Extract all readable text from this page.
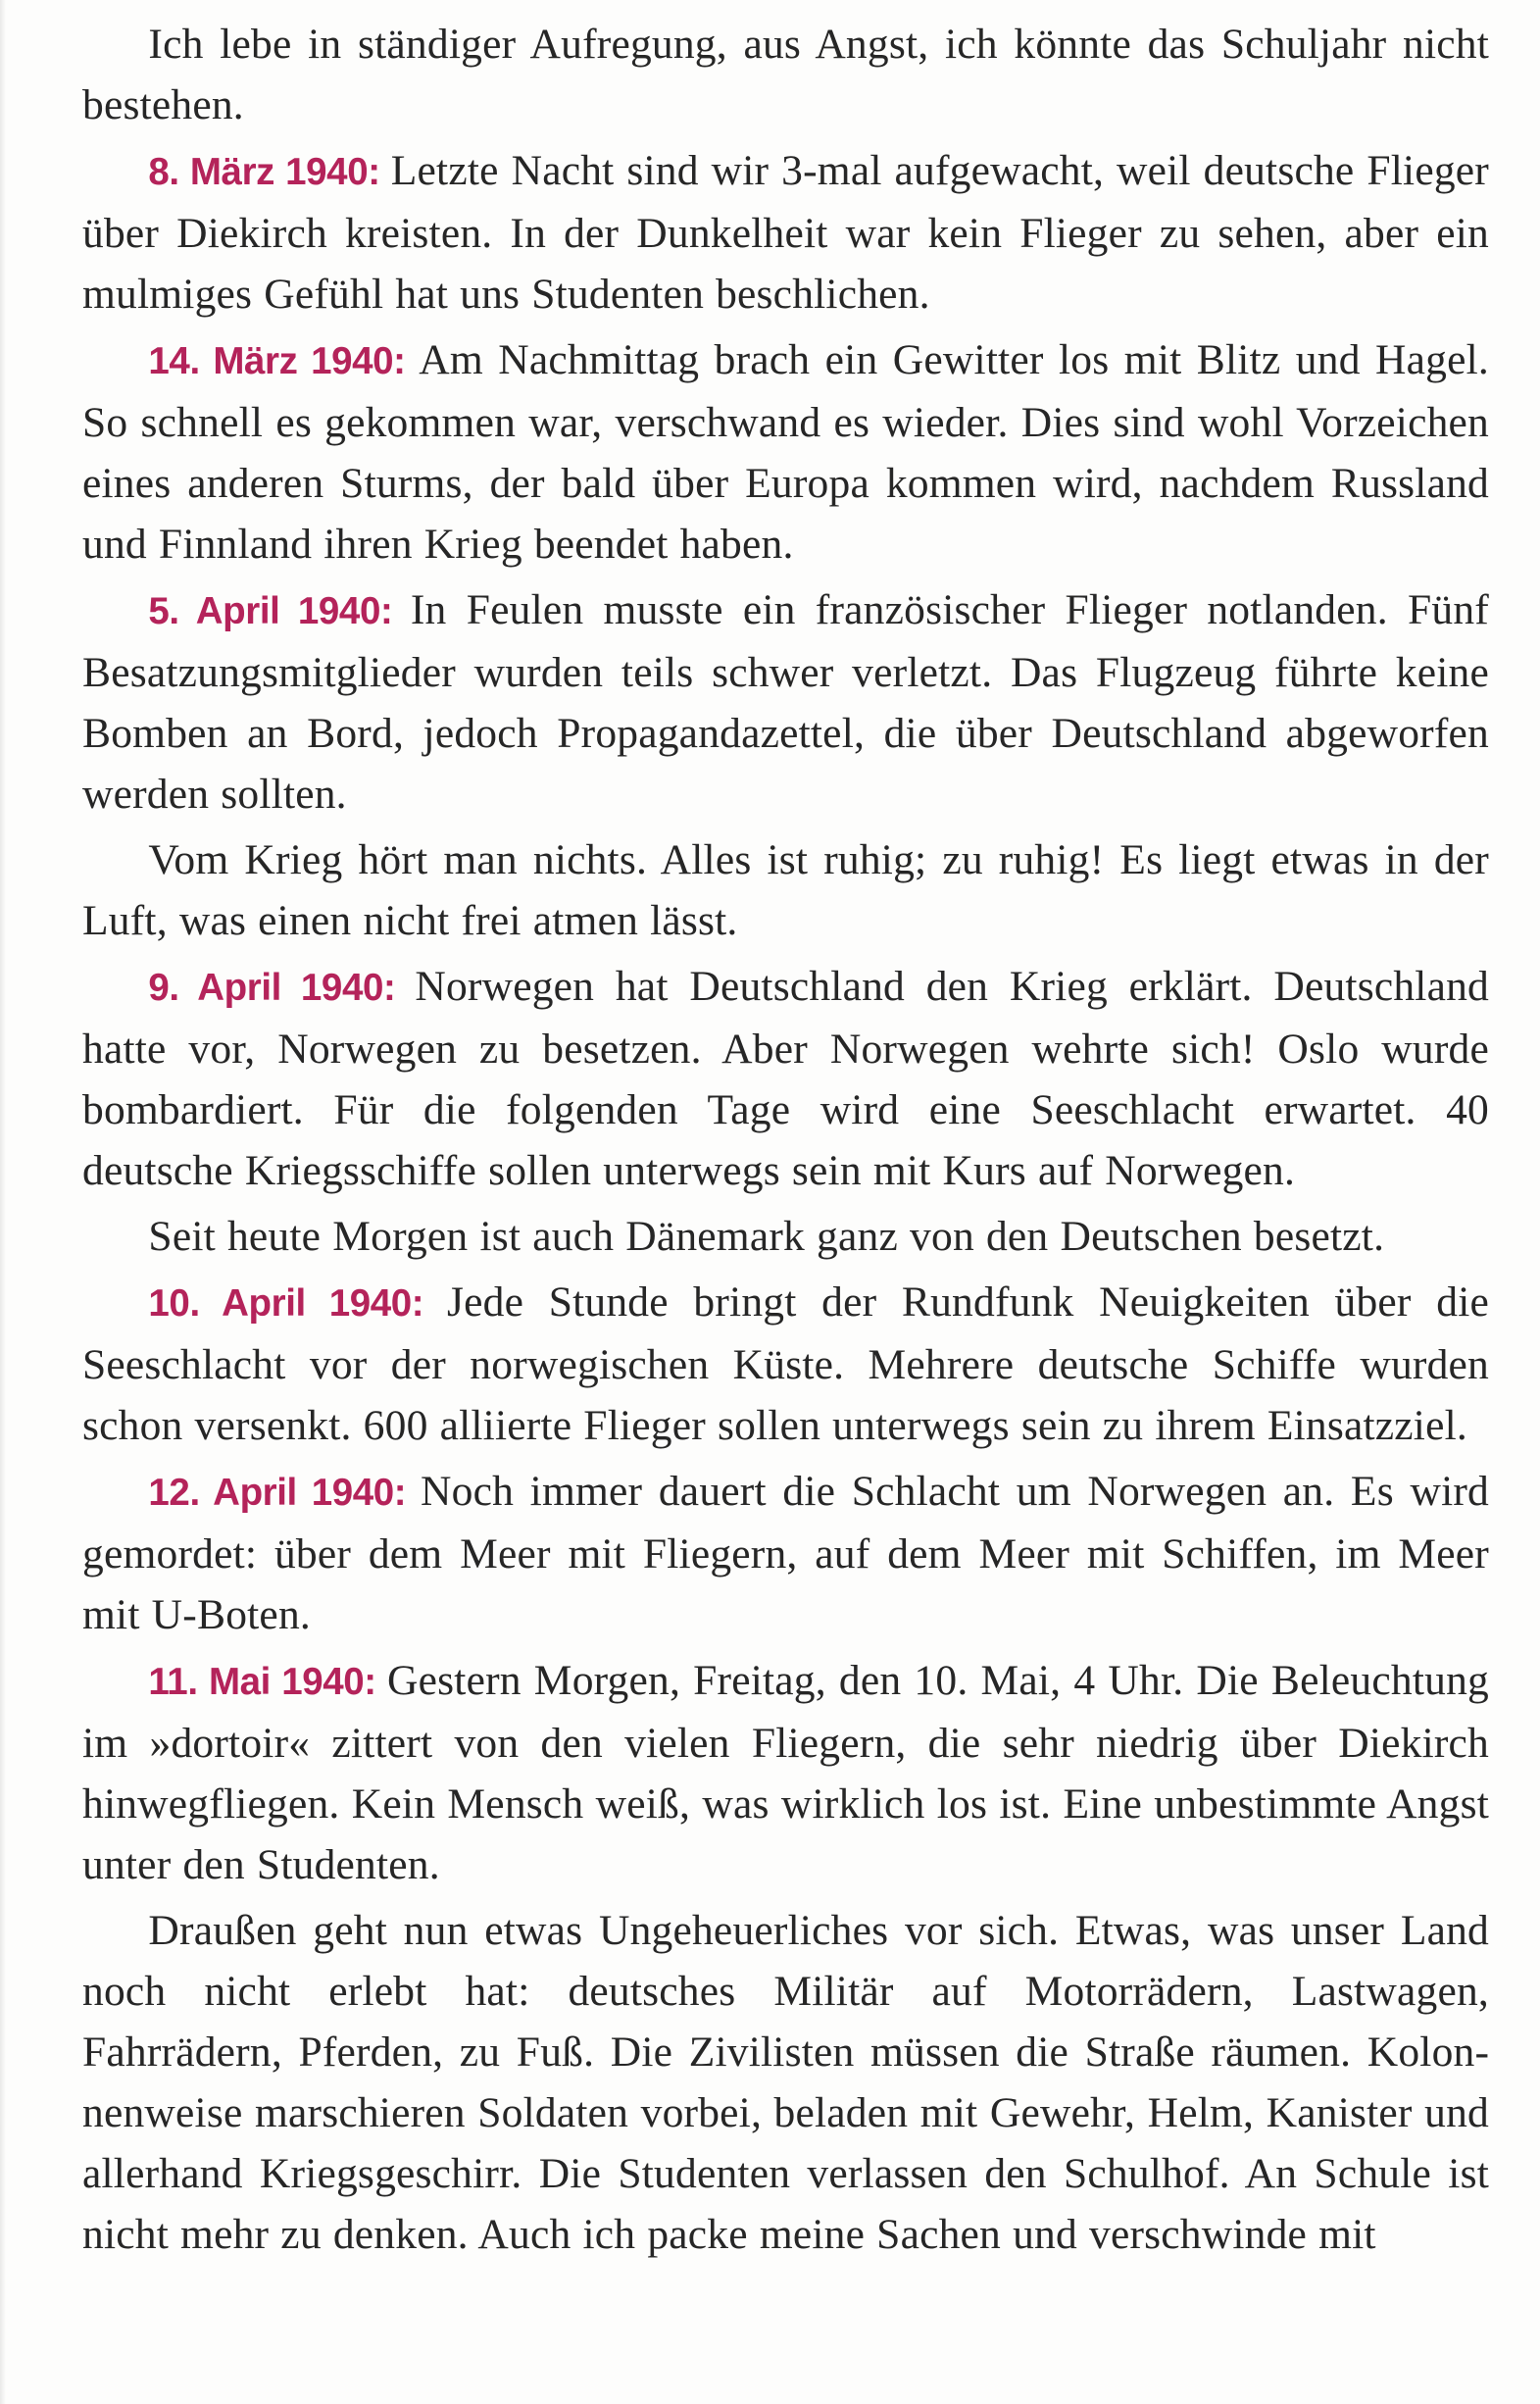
Ich lebe in ständiger Aufregung, aus Angst, ich könnte das Schuljahr nicht bestehen.

8. März 1940: Letzte Nacht sind wir 3-mal aufgewacht, weil deutsche Flieger über Diekirch kreisten. In der Dunkelheit war kein Flieger zu sehen, aber ein mulmiges Gefühl hat uns Studenten beschlichen.

14. März 1940: Am Nachmittag brach ein Gewitter los mit Blitz und Hagel. So schnell es gekommen war, verschwand es wieder. Dies sind wohl Vorzeichen eines anderen Sturms, der bald über Europa kommen wird, nachdem Russland und Finnland ihren Krieg beendet haben.

5. April 1940: In Feulen musste ein französischer Flieger notlanden. Fünf Besatzungsmitglieder wurden teils schwer verletzt. Das Flugzeug führte keine Bomben an Bord, jedoch Propagandazettel, die über Deutschland abgeworfen werden sollten.

Vom Krieg hört man nichts. Alles ist ruhig; zu ruhig! Es liegt etwas in der Luft, was einen nicht frei atmen lässt.

9. April 1940: Norwegen hat Deutschland den Krieg erklärt. Deutschland hatte vor, Norwegen zu besetzen. Aber Norwegen wehrte sich! Oslo wurde bombardiert. Für die folgenden Tage wird eine Seeschlacht erwartet. 40 deutsche Kriegsschiffe sollen unterwegs sein mit Kurs auf Norwegen.

Seit heute Morgen ist auch Dänemark ganz von den Deutschen besetzt.

10. April 1940: Jede Stunde bringt der Rundfunk Neuigkeiten über die Seeschlacht vor der norwegischen Küste. Mehrere deutsche Schiffe wurden schon versenkt. 600 alliierte Flieger sollen unterwegs sein zu ihrem Einsatzziel.

12. April 1940: Noch immer dauert die Schlacht um Norwegen an. Es wird gemordet: über dem Meer mit Fliegern, auf dem Meer mit Schiffen, im Meer mit U-Boten.

11. Mai 1940: Gestern Morgen, Freitag, den 10. Mai, 4 Uhr. Die Beleuchtung im »dortoir« zittert von den vielen Fliegern, die sehr niedrig über Diekirch hinwegfliegen. Kein Mensch weiß, was wirklich los ist. Eine unbestimmte Angst unter den Studenten.

Draußen geht nun etwas Ungeheuerliches vor sich. Etwas, was unser Land noch nicht erlebt hat: deutsches Militär auf Motorrädern, Lastwagen, Fahrrädern, Pferden, zu Fuß. Die Zivilisten müssen die Straße räumen. Kolonnenweise marschieren Soldaten vorbei, beladen mit Gewehr, Helm, Kanister und allerhand Kriegsgeschirr. Die Studenten verlassen den Schulhof. An Schule ist nicht mehr zu denken. Auch ich packe meine Sachen und verschwinde mit
